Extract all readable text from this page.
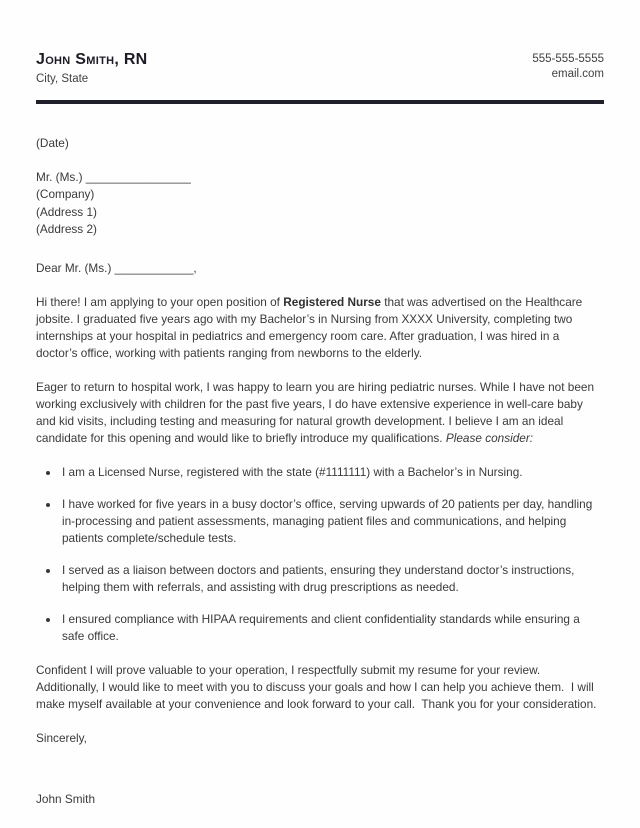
John Smith, RN
City, State
555-555-5555
email.com

(Date)

Mr. (Ms.) ________________

(Company)

(Address 1)

(Address 2)

Dear Mr. (Ms.) ____________,

Hi there! I am applying to your open position of Registered Nurse that was advertised on the Healthcare jobsite. I graduated five years ago with my Bachelor’s in Nursing from XXXX University, completing two internships at your hospital in pediatrics and emergency room care. After graduation, I was hired in a doctor’s office, working with patients ranging from newborns to the elderly.

Eager to return to hospital work, I was happy to learn you are hiring pediatric nurses. While I have not been working exclusively with children for the past five years, I do have extensive experience in well-care baby and kid visits, including testing and measuring for natural growth development. I believe I am an ideal candidate for this opening and would like to briefly introduce my qualifications. Please consider:

• I am a Licensed Nurse, registered with the state (#1111111) with a Bachelor’s in Nursing.
• I have worked for five years in a busy doctor’s office, serving upwards of 20 patients per day, handling in-processing and patient assessments, managing patient files and communications, and helping patients complete/schedule tests.
• I served as a liaison between doctors and patients, ensuring they understand doctor’s instructions, helping them with referrals, and assisting with drug prescriptions as needed.
• I ensured compliance with HIPAA requirements and client confidentiality standards while ensuring a safe office.

Confident I will prove valuable to your operation, I respectfully submit my resume for your review. Additionally, I would like to meet with you to discuss your goals and how I can help you achieve them.  I will make myself available at your convenience and look forward to your call.  Thank you for your consideration.

Sincerely,

John Smith
